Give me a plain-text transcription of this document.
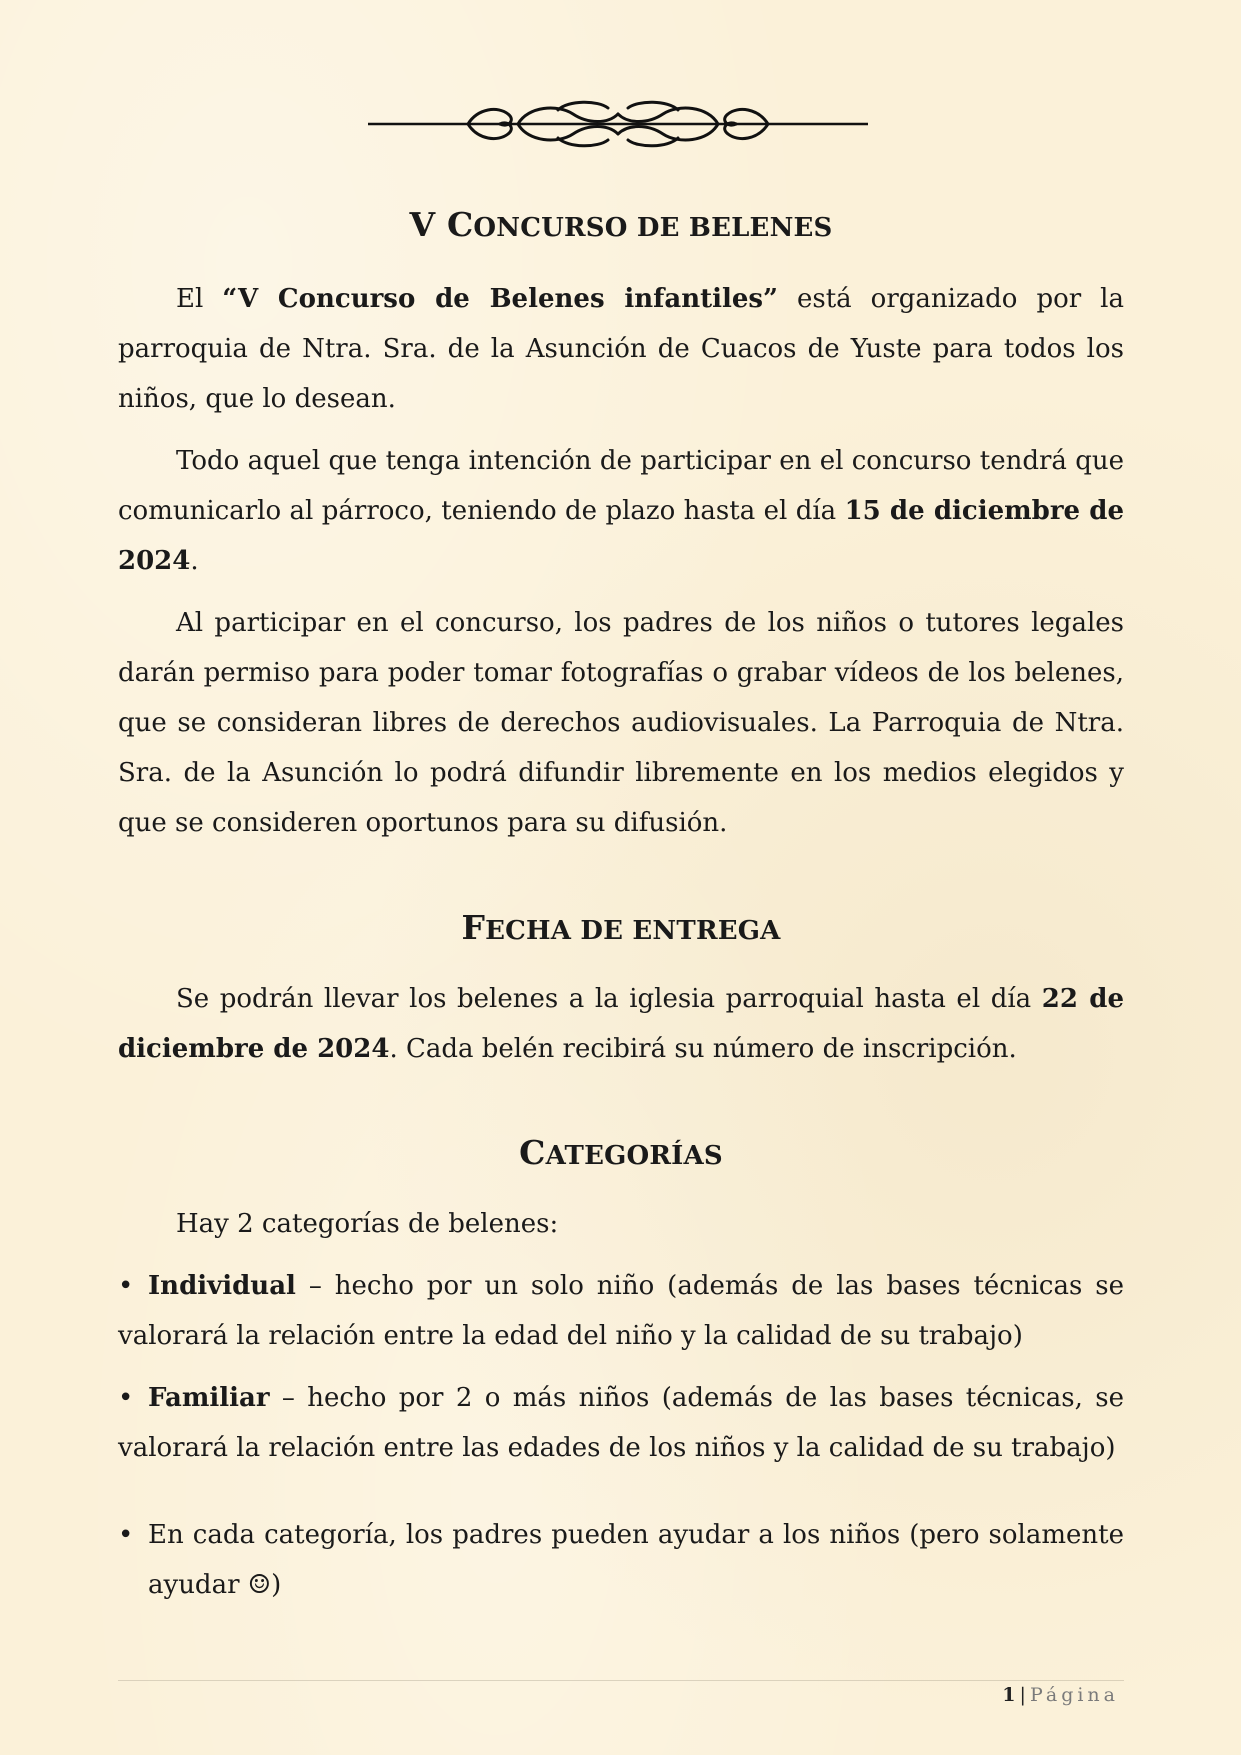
V CONCURSO DE BELENES

El “V Concurso de Belenes infantiles” está organizado por la parroquia de Ntra. Sra. de la Asunción de Cuacos de Yuste para todos los niños, que lo desean.

Todo aquel que tenga intención de participar en el concurso tendrá que comunicarlo al párroco, teniendo de plazo hasta el día 15 de diciembre de 2024.

Al participar en el concurso, los padres de los niños o tutores legales darán permiso para poder tomar fotografías o grabar vídeos de los belenes, que se consideran libres de derechos audiovisuales. La Parroquia de Ntra. Sra. de la Asunción lo podrá difundir libremente en los medios elegidos y que se consideren oportunos para su difusión.

FECHA DE ENTREGA

Se podrán llevar los belenes a la iglesia parroquial hasta el día 22 de diciembre de 2024. Cada belén recibirá su número de inscripción.

CATEGORÍAS

Hay 2 categorías de belenes:

• Individual – hecho por un solo niño (además de las bases técnicas se valorará la relación entre la edad del niño y la calidad de su trabajo)
• Familiar – hecho por 2 o más niños (además de las bases técnicas, se valorará la relación entre las edades de los niños y la calidad de su trabajo)
• En cada categoría, los padres pueden ayudar a los niños (pero solamente ayudar ☺)
1 | Página
